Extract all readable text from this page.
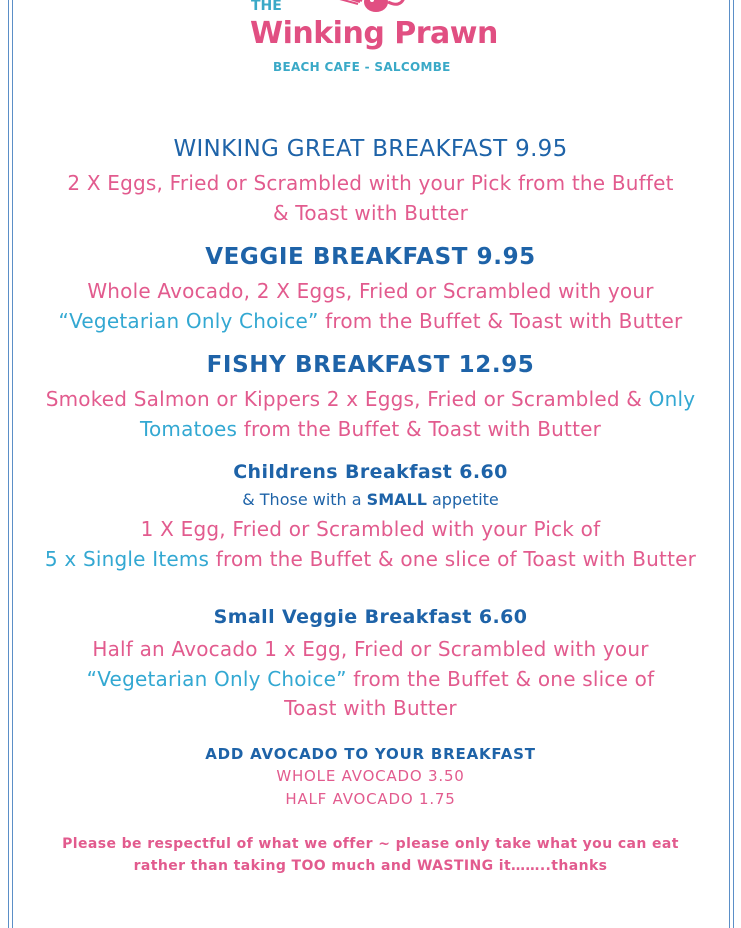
THE
Winking Prawn
BEACH CAFE - SALCOMBE
WINKING GREAT BREAKFAST 9.95
2 X Eggs, Fried or Scrambled with your Pick from the Buffet
& Toast with Butter
VEGGIE BREAKFAST 9.95
Whole Avocado, 2 X Eggs, Fried or Scrambled with your
“Vegetarian Only Choice” from the Buffet & Toast with Butter
FISHY BREAKFAST 12.95
Smoked Salmon or Kippers 2 x Eggs, Fried or Scrambled & Only
Tomatoes from the Buffet & Toast with Butter
Childrens Breakfast 6.60
& Those with a SMALL appetite
1 X Egg, Fried or Scrambled with your Pick of
5 x Single Items from the Buffet & one slice of Toast with Butter
Small Veggie Breakfast 6.60
Half an Avocado 1 x Egg, Fried or Scrambled with your
“Vegetarian Only Choice” from the Buffet & one slice of
Toast with Butter
ADD AVOCADO TO YOUR BREAKFAST
WHOLE AVOCADO 3.50
HALF AVOCADO 1.75
Please be respectful of what we offer ~ please only take what you can eat
rather than taking TOO much and WASTING it……..thanks
